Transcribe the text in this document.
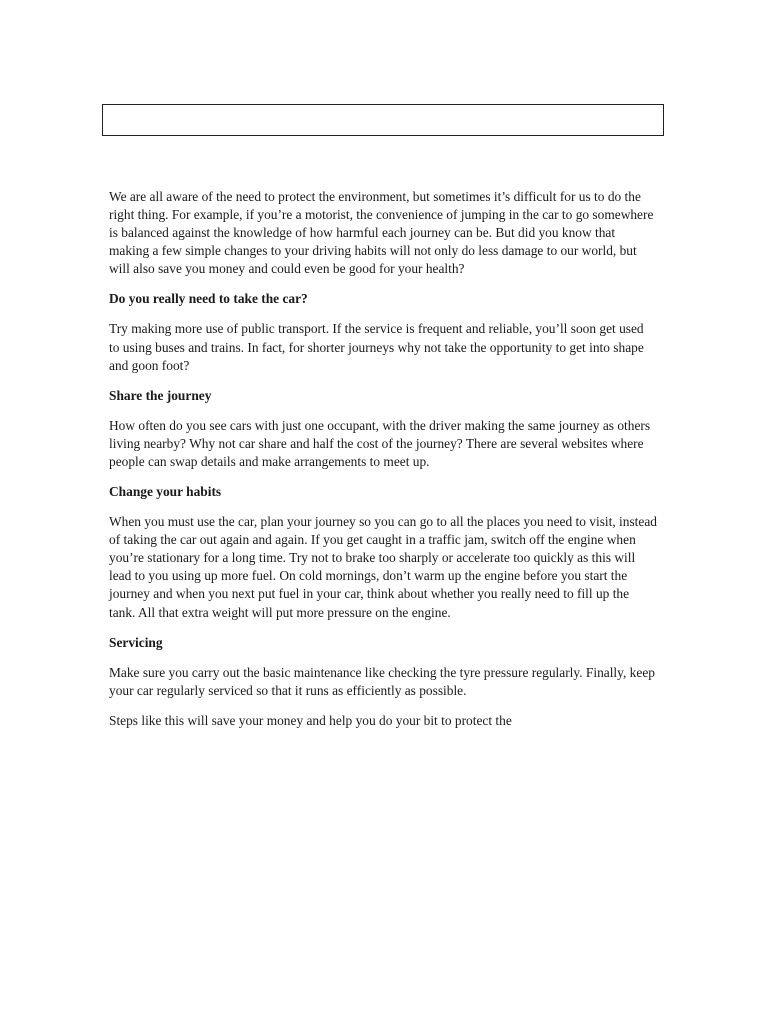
We are all aware of the need to protect the environment, but sometimes it’s difficult for us to do the right thing. For example, if you’re a motorist, the convenience of jumping in the car to go somewhere is balanced against the knowledge of how harmful each journey can be. But did you know that making a few simple changes to your driving habits will not only do less damage to our world, but will also save you money and could even be good for your health?

Do you really need to take the car?

Try making more use of public transport. If the service is frequent and reliable, you’ll soon get used to using buses and trains. In fact, for shorter journeys why not take the opportunity to get into shape and goon foot?

Share the journey

How often do you see cars with just one occupant, with the driver making the same journey as others living nearby? Why not car share and half the cost of the journey? There are several websites where people can swap details and make arrangements to meet up.

Change your habits

When you must use the car, plan your journey so you can go to all the places you need to visit, instead of taking the car out again and again. If you get caught in a traffic jam, switch off the engine when you’re stationary for a long time. Try not to brake too sharply or accelerate too quickly as this will lead to you using up more fuel. On cold mornings, don’t warm up the engine before you start the journey and when you next put fuel in your car, think about whether you really need to fill up the tank. All that extra weight will put more pressure on the engine.

Servicing

Make sure you carry out the basic maintenance like checking the tyre pressure regularly. Finally, keep your car regularly serviced so that it runs as efficiently as possible.

Steps like this will save your money and help you do your bit to protect the
